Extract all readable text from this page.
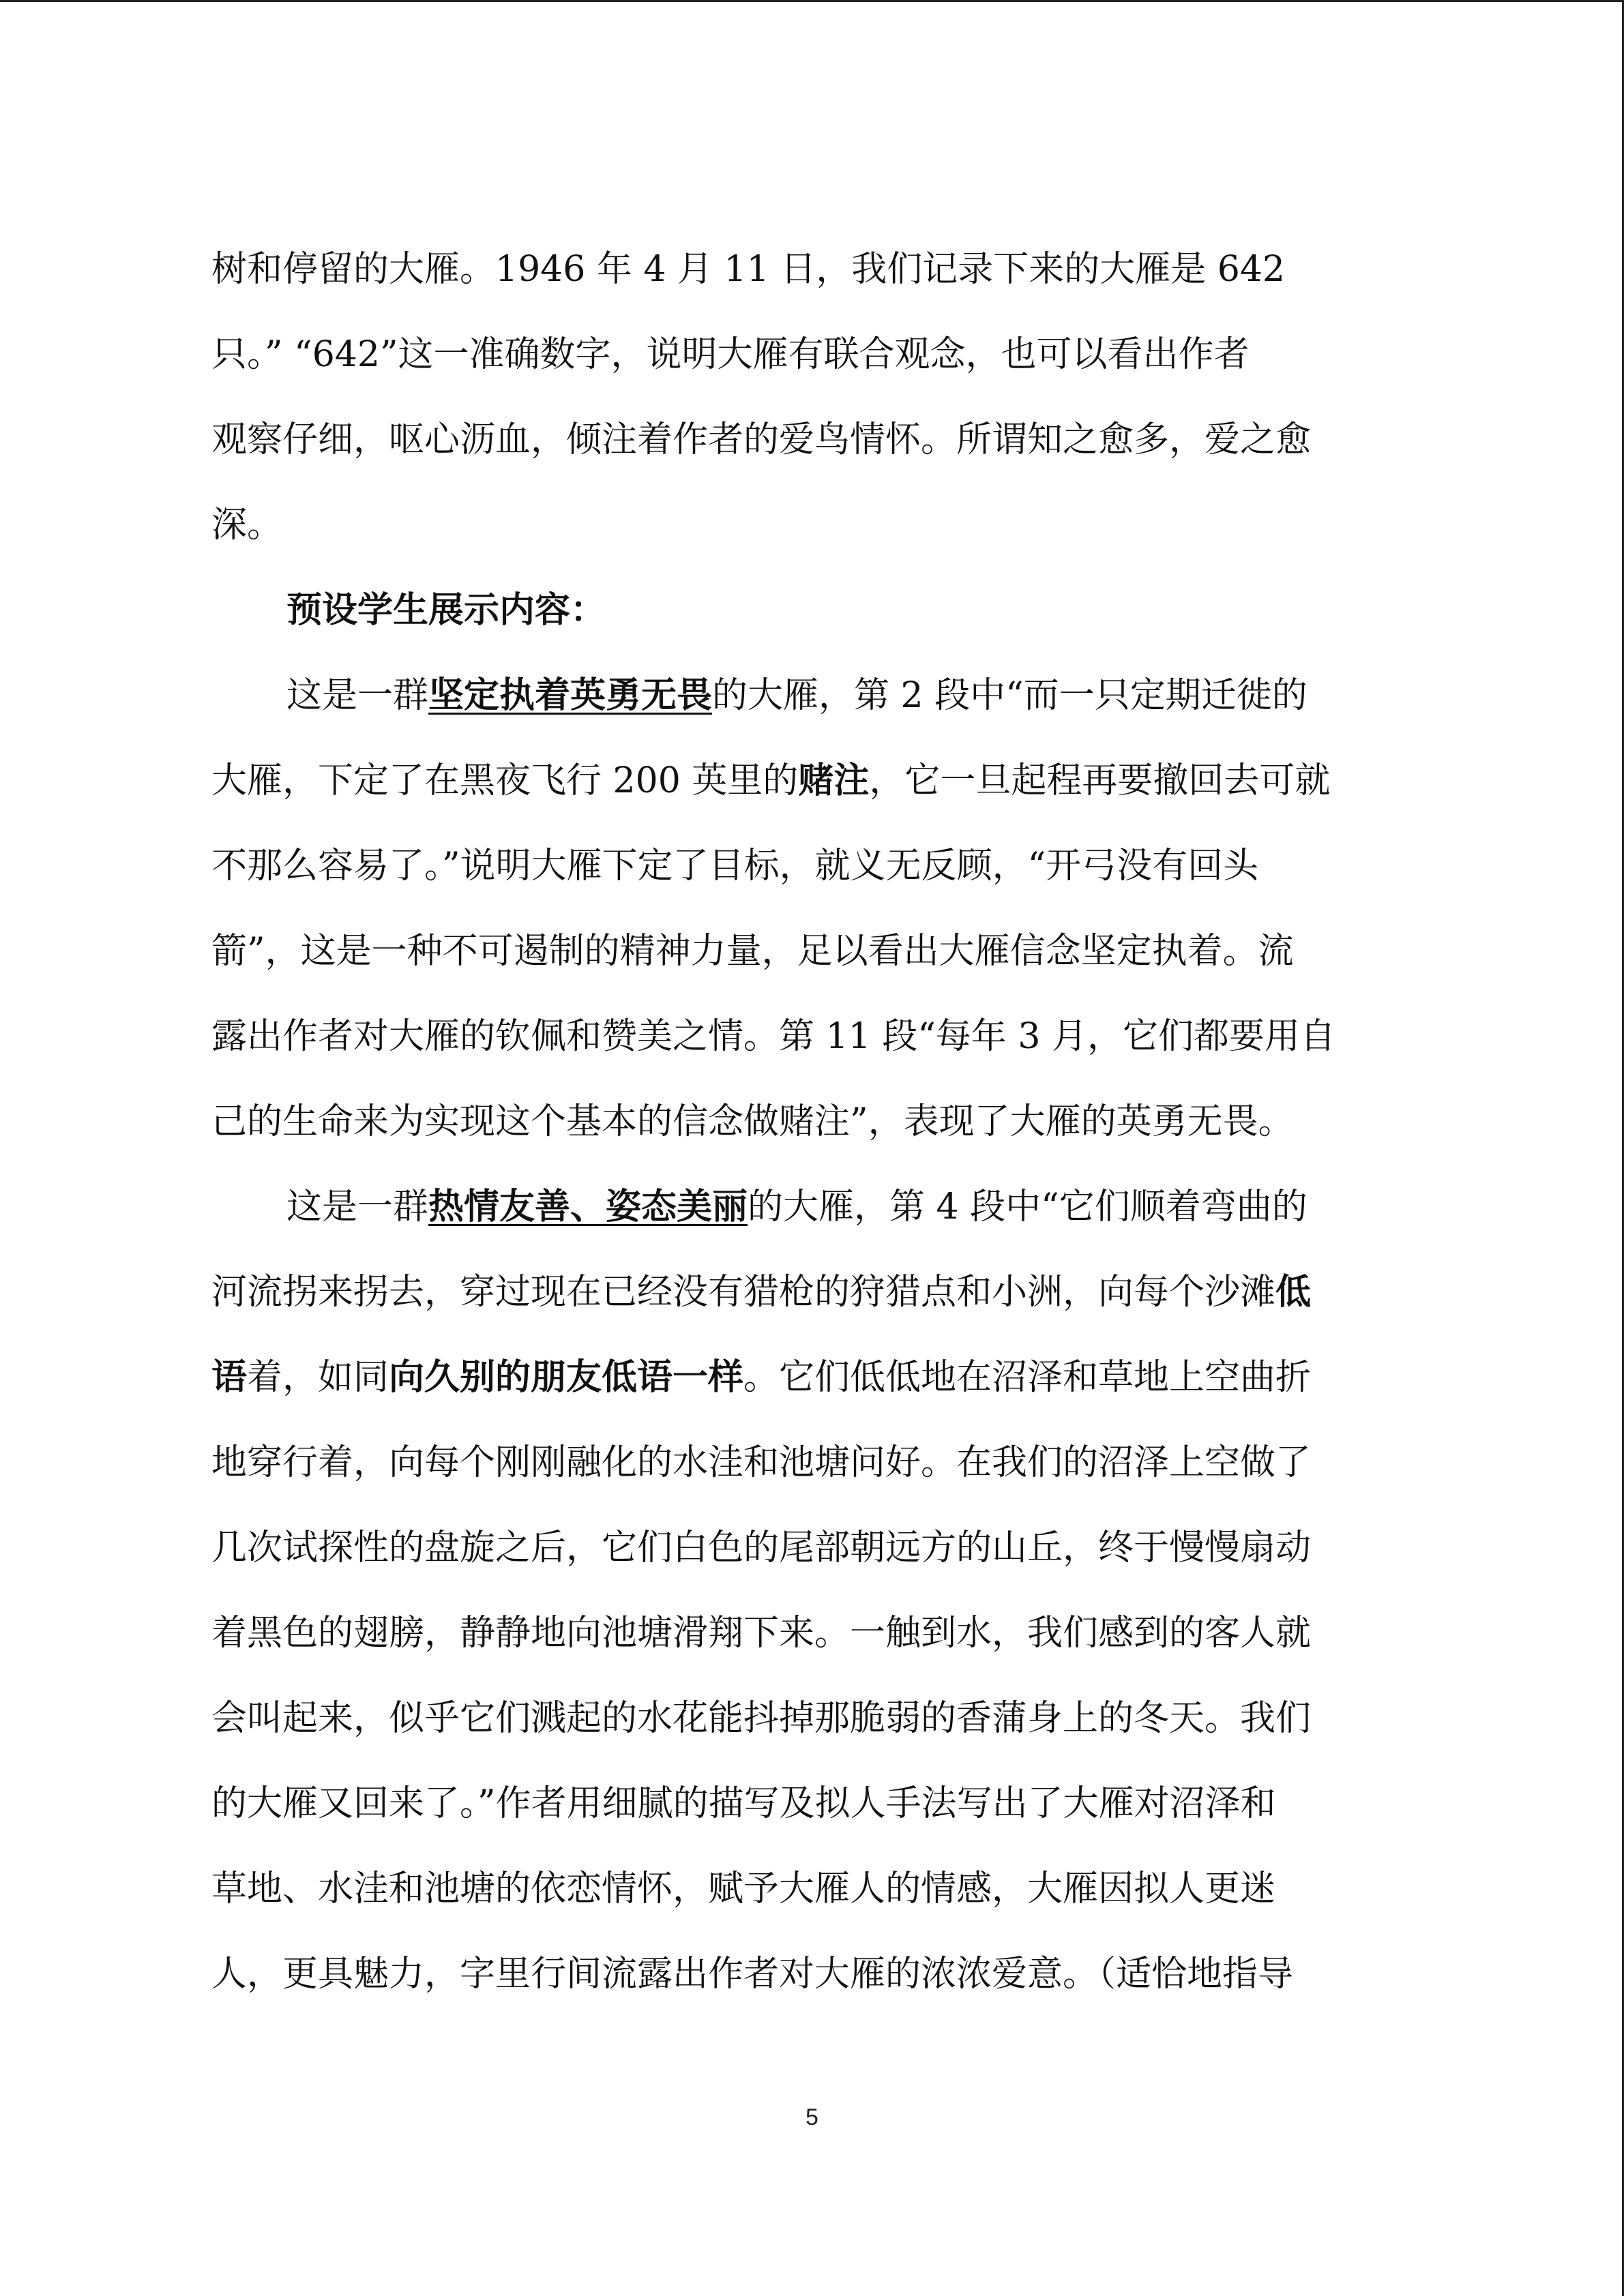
树和停留的大雁。1946 年 4 月 11 日，我们记录下来的大雁是 642
只。” “642”这一准确数字，说明大雁有联合观念，也可以看出作者
观察仔细，呕心沥血，倾注着作者的爱鸟情怀。所谓知之愈多，爱之愈
深。
预设学生展示内容：
这是一群坚定执着英勇无畏的大雁，第 2 段中“而一只定期迁徙的
大雁，下定了在黑夜飞行 200 英里的赌注，它一旦起程再要撤回去可就
不那么容易了。”说明大雁下定了目标，就义无反顾，“开弓没有回头
箭”，这是一种不可遏制的精神力量，足以看出大雁信念坚定执着。流
露出作者对大雁的钦佩和赞美之情。第 11 段“每年 3 月，它们都要用自
己的生命来为实现这个基本的信念做赌注”，表现了大雁的英勇无畏。
这是一群热情友善、姿态美丽的大雁，第 4 段中“它们顺着弯曲的
河流拐来拐去，穿过现在已经没有猎枪的狩猎点和小洲，向每个沙滩低
语着，如同向久别的朋友低语一样。它们低低地在沼泽和草地上空曲折
地穿行着，向每个刚刚融化的水洼和池塘问好。在我们的沼泽上空做了
几次试探性的盘旋之后，它们白色的尾部朝远方的山丘，终于慢慢扇动
着黑色的翅膀，静静地向池塘滑翔下来。一触到水，我们感到的客人就
会叫起来，似乎它们溅起的水花能抖掉那脆弱的香蒲身上的冬天。我们
的大雁又回来了。”作者用细腻的描写及拟人手法写出了大雁对沼泽和
草地、水洼和池塘的依恋情怀，赋予大雁人的情感，大雁因拟人更迷
人，更具魅力，字里行间流露出作者对大雁的浓浓爱意。（适恰地指导
5
